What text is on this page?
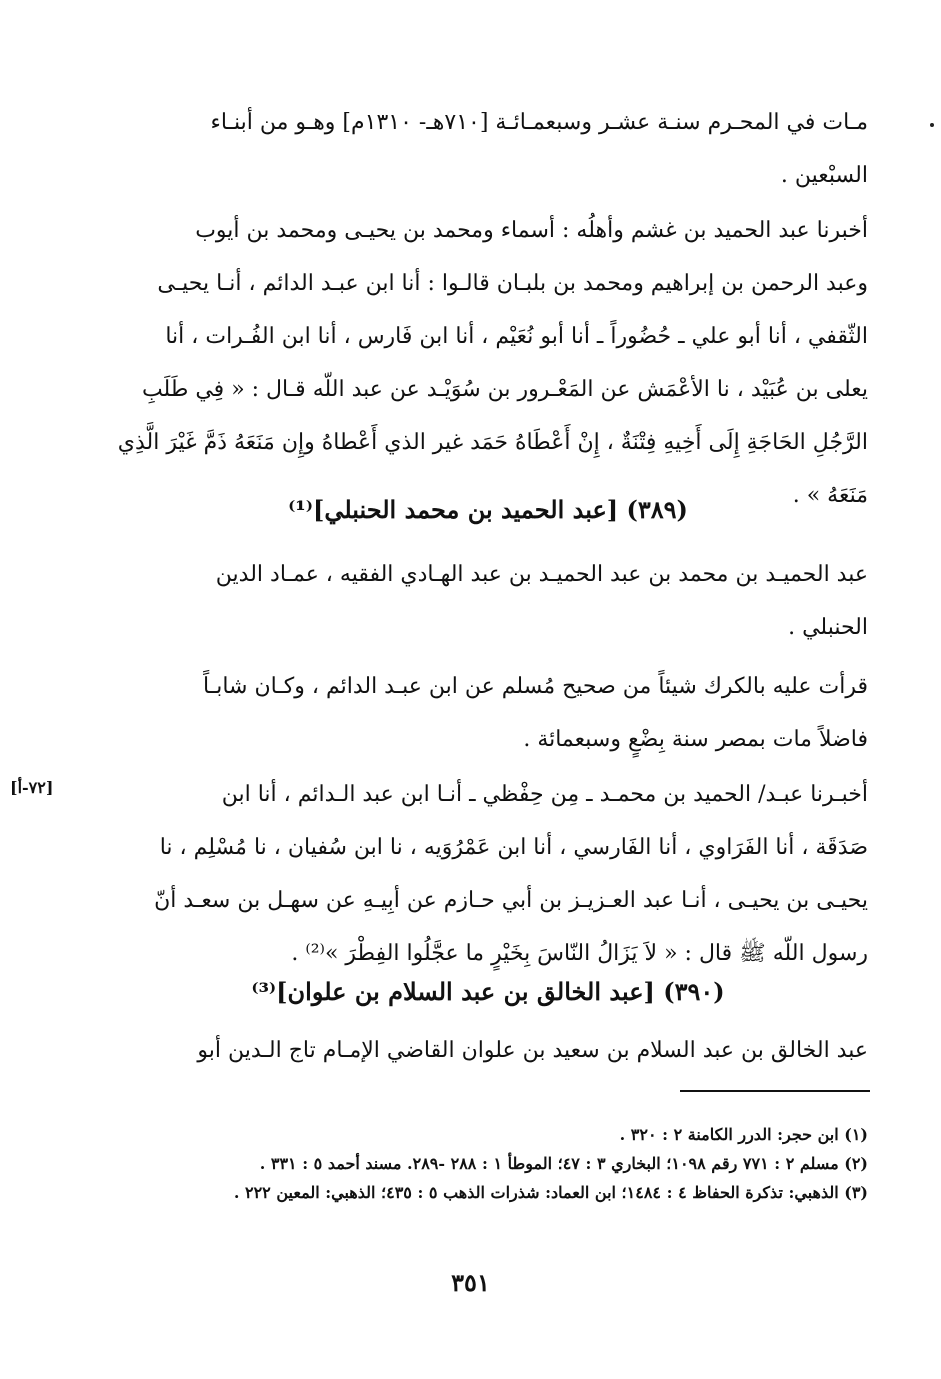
مـات في المحـرم سنـة عشـر وسبعمـائـة [٧١٠هـ- ١٣١٠م] وهـو من أبنـاء
السبْعين .
أخبرنا عبد الحميد بن غشم وأهلُه : أسماء ومحمد بن يحيـى ومحمد بن أيوب
وعبد الرحمن بن إبراهيم ومحمد بن بلبـان قالـوا : أنا ابن عبـد الدائم ، أنـا يحيـى
الثّقفي ، أنا أبو علي ـ حُضُوراً ـ أنا أبو نُعَيْم ، أنا ابن فَارس ، أنا ابن الفُـرات ، أنا
يعلى بن عُبَيْد ، نا الأعْمَش عن المَعْـرور بن سُوَيْـد عن عبد اللّه قـال : « فِي طَلَبِ
الرَّجُلِ الحَاجَةِ إِلَى أَخِيهِ فِتْنَةٌ ، إِنْ أَعْطَاهُ حَمَد غير الذي أَعْطاهُ وإِن مَنَعَهُ ذَمَّ غَيْرَ الَّذِي
مَنَعَهُ » .
(٣٨٩) [عبد الحميد بن محمد الحنبلي]⁽¹⁾
عبد الحميـد بن محمد بن عبد الحميـد بن عبد الهـادي الفقيه ، عمـاد الدين
الحنبلي .
قرأت عليه بالكرك شيئاً من صحيح مُسلم عن ابن عبـد الدائم ، وكـان شابـاً
فاضلاً مات بمصر سنة بِضْعٍ وسبعمائة .
[٧٢-أ]	أخبـرنا عبـد/ الحميد بن محمـد ـ مِن حِفْظي ـ أنـا ابن عبد الـدائم ، أنا ابن
صَدَقَة ، أنا الفَرَاوي ، أنا الفَارسي ، أنا ابن عَمْرُوَيه ، نا ابن سُفيان ، نا مُسْلِم ، نا
يحيـى بن يحيـى ، أنـا عبد العـزيـز بن أبي حـازم عن أبِيـهِ عن سهـل بن سعـد أنّ
رسول اللّه ﷺ قال : « لاَ يَزَالُ النّاسَ بِخَيْرٍ ما عجَّلُوا الفِطْرَ »⁽²⁾ .
(٣٩٠) [عبد الخالق بن عبد السلام بن علوان]⁽³⁾
عبد الخالق بن عبد السلام بن سعيد بن علوان القاضي الإمـام تاج الـدين أبو
(١) ابن حجر: الدرر الكامنة ٢ : ٣٢٠ .
(٢) مسلم ٢ : ٧٧١ رقم ١٠٩٨؛ البخاري ٣ : ٤٧؛ الموطأ ١ : ٢٨٨ -٢٨٩. مسند أحمد ٥ : ٣٣١ .
(٣) الذهبي: تذكرة الحفاظ ٤ : ١٤٨٤؛ ابن العماد: شذرات الذهب ٥ : ٤٣٥؛ الذهبي: المعين ٢٢٢ .
٣٥١
